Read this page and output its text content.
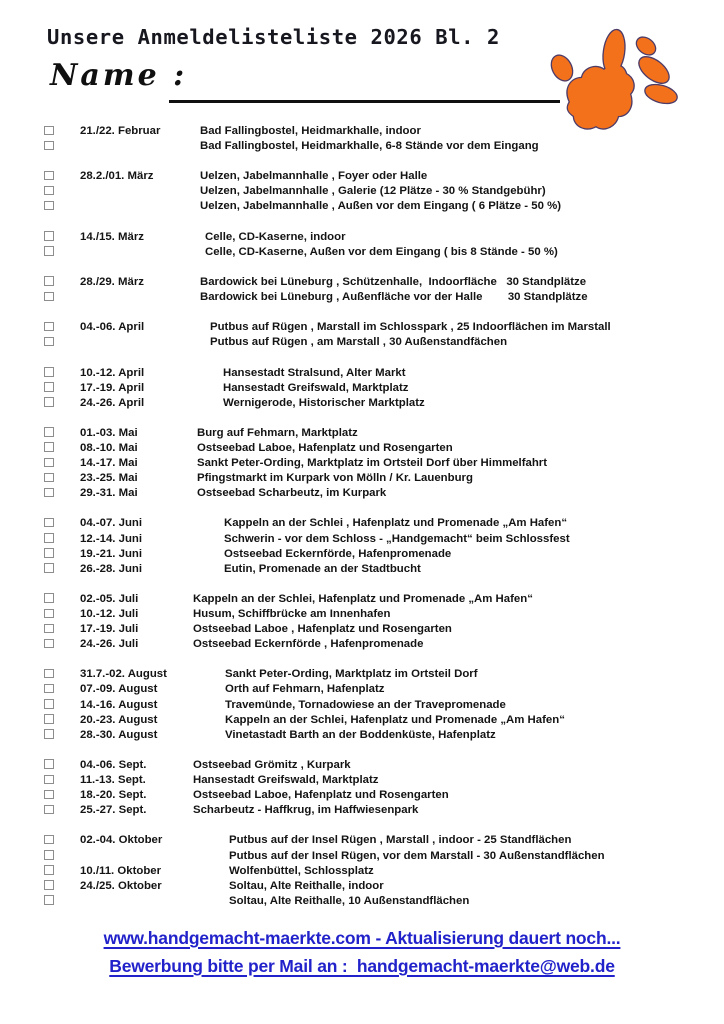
Unsere Anmeldelisteliste 2026 Bl. 2
Name :
21./22. Februar	Bad Fallingbostel, Heidmarkhalle, indoor
Bad Fallingbostel, Heidmarkhalle, 6-8 Stände vor dem Eingang
28.2./01. März	Uelzen, Jabelmannhalle , Foyer oder Halle
Uelzen, Jabelmannhalle , Galerie (12 Plätze - 30 % Standgebühr)
Uelzen, Jabelmannhalle , Außen vor dem Eingang ( 6 Plätze - 50 %)
14./15. März	Celle, CD-Kaserne, indoor
Celle, CD-Kaserne, Außen vor dem Eingang ( bis 8 Stände - 50 %)
28./29. März	Bardowick bei Lüneburg , Schützenhalle,  Indoorfläche   30 Standplätze
Bardowick bei Lüneburg , Außenfläche vor der Halle        30 Standplätze
04.-06. April	Putbus auf Rügen , Marstall im Schlosspark , 25 Indoorflächen im Marstall
Putbus auf Rügen , am Marstall , 30 Außenstandfächen
10.-12. April	Hansestadt Stralsund, Alter Markt
17.-19. April	Hansestadt Greifswald, Marktplatz
24.-26. April	Wernigerode, Historischer Marktplatz
01.-03. Mai	Burg auf Fehmarn, Marktplatz
08.-10. Mai	Ostseebad Laboe, Hafenplatz und Rosengarten
14.-17. Mai	Sankt Peter-Ording, Marktplatz im Ortsteil Dorf über Himmelfahrt
23.-25. Mai	Pfingstmarkt im Kurpark von Mölln / Kr. Lauenburg
29.-31. Mai	Ostseebad Scharbeutz, im Kurpark
04.-07. Juni	Kappeln an der Schlei , Hafenplatz und Promenade „Am Hafen“
12.-14. Juni	Schwerin - vor dem Schloss - „Handgemacht“ beim Schlossfest
19.-21. Juni	Ostseebad Eckernförde, Hafenpromenade
26.-28. Juni	Eutin, Promenade an der Stadtbucht
02.-05. Juli	Kappeln an der Schlei, Hafenplatz und Promenade „Am Hafen“
10.-12. Juli	Husum, Schiffbrücke am Innenhafen
17.-19. Juli	Ostseebad Laboe , Hafenplatz und Rosengarten
24.-26. Juli	Ostseebad Eckernförde , Hafenpromenade
31.7.-02. August	Sankt Peter-Ording, Marktplatz im Ortsteil Dorf
07.-09. August	Orth auf Fehmarn, Hafenplatz
14.-16. August	Travemünde, Tornadowiese an der Travepromenade
20.-23. August	Kappeln an der Schlei, Hafenplatz und Promenade „Am Hafen“
28.-30. August	Vinetastadt Barth an der Boddenküste, Hafenplatz
04.-06. Sept.	Ostseebad Grömitz , Kurpark
11.-13. Sept.	Hansestadt Greifswald, Marktplatz
18.-20. Sept.	Ostseebad Laboe, Hafenplatz und Rosengarten
25.-27. Sept.	Scharbeutz - Haffkrug, im Haffwiesenpark
02.-04. Oktober	Putbus auf der Insel Rügen , Marstall , indoor - 25 Standflächen
Putbus auf der Insel Rügen, vor dem Marstall - 30 Außenstandflächen
10./11. Oktober	Wolfenbüttel, Schlossplatz
24./25. Oktober	Soltau, Alte Reithalle, indoor
Soltau, Alte Reithalle, 10 Außenstandflächen
www.handgemacht-maerkte.com - Aktualisierung dauert noch...
Bewerbung bitte per Mail an :  handgemacht-maerkte@web.de
